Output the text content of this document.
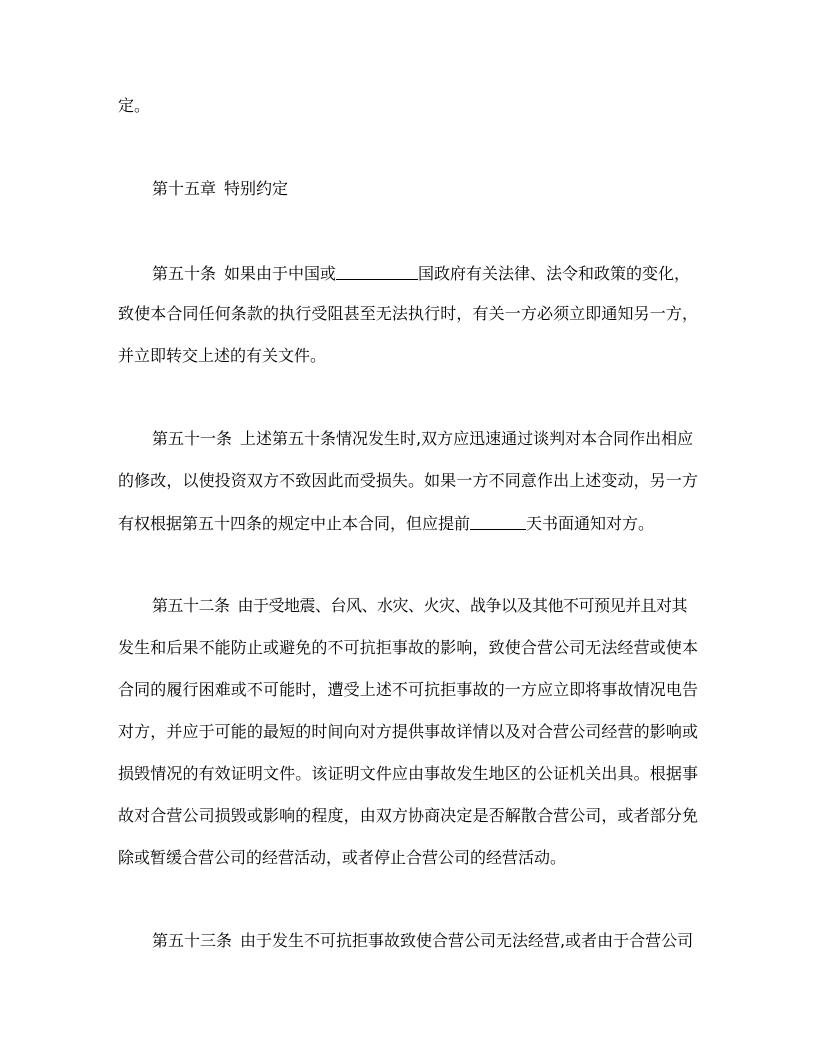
定。
第十五章 特别约定
第五十条 如果由于中国或	国政府有关法律、法令和政策的变化，
致使本合同任何条款的执行受阻甚至无法执行时，有关一方必须立即通知另一方，
并立即转交上述的有关文件。
第五十一条 上述第五十条情况发生时,双方应迅速通过谈判对本合同作出相应
的修改，以使投资双方不致因此而受损失。如果一方不同意作出上述变动，另一方
有权根据第五十四条的规定中止本合同，但应提前	天书面通知对方。
第五十二条 由于受地震、台风、水灾、火灾、战争以及其他不可预见并且对其
发生和后果不能防止或避免的不可抗拒事故的影响，致使合营公司无法经营或使本
合同的履行困难或不可能时，遭受上述不可抗拒事故的一方应立即将事故情况电告
对方，并应于可能的最短的时间向对方提供事故详情以及对合营公司经营的影响或
损毁情况的有效证明文件。该证明文件应由事故发生地区的公证机关出具。根据事
故对合营公司损毁或影响的程度，由双方协商决定是否解散合营公司，或者部分免
除或暂缓合营公司的经营活动，或者停止合营公司的经营活动。
第五十三条 由于发生不可抗拒事故致使合营公司无法经营,或者由于合营公司
